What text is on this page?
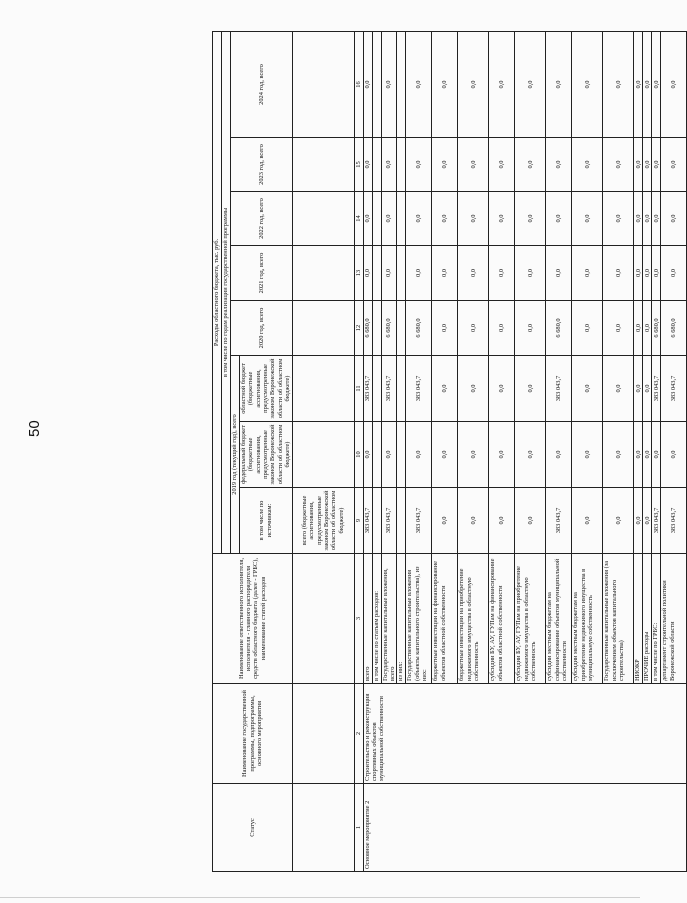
50
Статус	Наименование государственной программы, подпрограммы, основного мероприятия	Наименование ответственного исполнителя, исполнителя - главного распорядителя средств областного бюджета (далее - ГРБС), наименование статей расходов	Расходы областного бюджета, тыс. руб.							
			в том числе по годам реализации государственной программы							
			2019 год (текущий год), всего			2020 год, всего	2021 год, всего	2022 год, всего	2023 год, всего	2024 год, всего
			в том числе по источникам:	федеральный бюджет (бюджетные ассигнования, предусмотренные законом Воронежской области об областном бюджете)	областной бюджет (бюджетные ассигнования, предусмотренные законом Воронежской области об областном бюджете)					
			всего (бюджетные ассигнования, предусмотренные законом Воронежской области об областном бюджете)							
1	2	3	9	10	11	12	13	14	15	16
Основное мероприятие 2	Строительство и реконструкция спортивных объектов муниципальной собственности	всего	383 043,7	0,0	383 043,7	6 680,0	0,0	0,0	0,0	0,0
		в том числе по статьям расходов:								
		Государственные капитальные вложения, всего	383 043,7	0,0	383 043,7	6 680,0	0,0	0,0	0,0	0,0
		из них:								
		Государственные капитальные вложения (объекты капитального строительства), из них:	383 043,7	0,0	383 043,7	6 680,0	0,0	0,0	0,0	0,0
		бюджетные инвестиции на финансирование объектов областной собственности	0,0	0,0	0,0	0,0	0,0	0,0	0,0	0,0
		бюджетные инвестиции на приобретение недвижимого имущества в областную собственность	0,0	0,0	0,0	0,0	0,0	0,0	0,0	0,0
		субсидии БУ, АУ, ГУПам на финансирование объектов областной собственности	0,0	0,0	0,0	0,0	0,0	0,0	0,0	0,0
		субсидии БУ, АУ, ГУПам на приобретение недвижимого имущества в областную собственность	0,0	0,0	0,0	0,0	0,0	0,0	0,0	0,0
		субсидии местным бюджетам на софинансирование объектов муниципальной собственности	383 043,7	0,0	383 043,7	6 680,0	0,0	0,0	0,0	0,0
		субсидии местным бюджетам на приобретение недвижимого имущества в муниципальную собственность	0,0	0,0	0,0	0,0	0,0	0,0	0,0	0,0
		Государственные капитальные вложения (за исключением объектов капитального строительства)	0,0	0,0	0,0	0,0	0,0	0,0	0,0	0,0
		НИОКР	0,0	0,0	0,0	0,0	0,0	0,0	0,0	0,0
		ПРОЧИЕ расходы	0,0	0,0	0,0	0,0	0,0	0,0	0,0	0,0
		в том числе по ГРБС:	383 043,7	0,0	383 043,7	6 680,0	0,0	0,0	0,0	0,0
		департамент строительной политики Воронежской области	383 043,7	0,0	383 043,7	6 680,0	0,0	0,0	0,0	0,0
